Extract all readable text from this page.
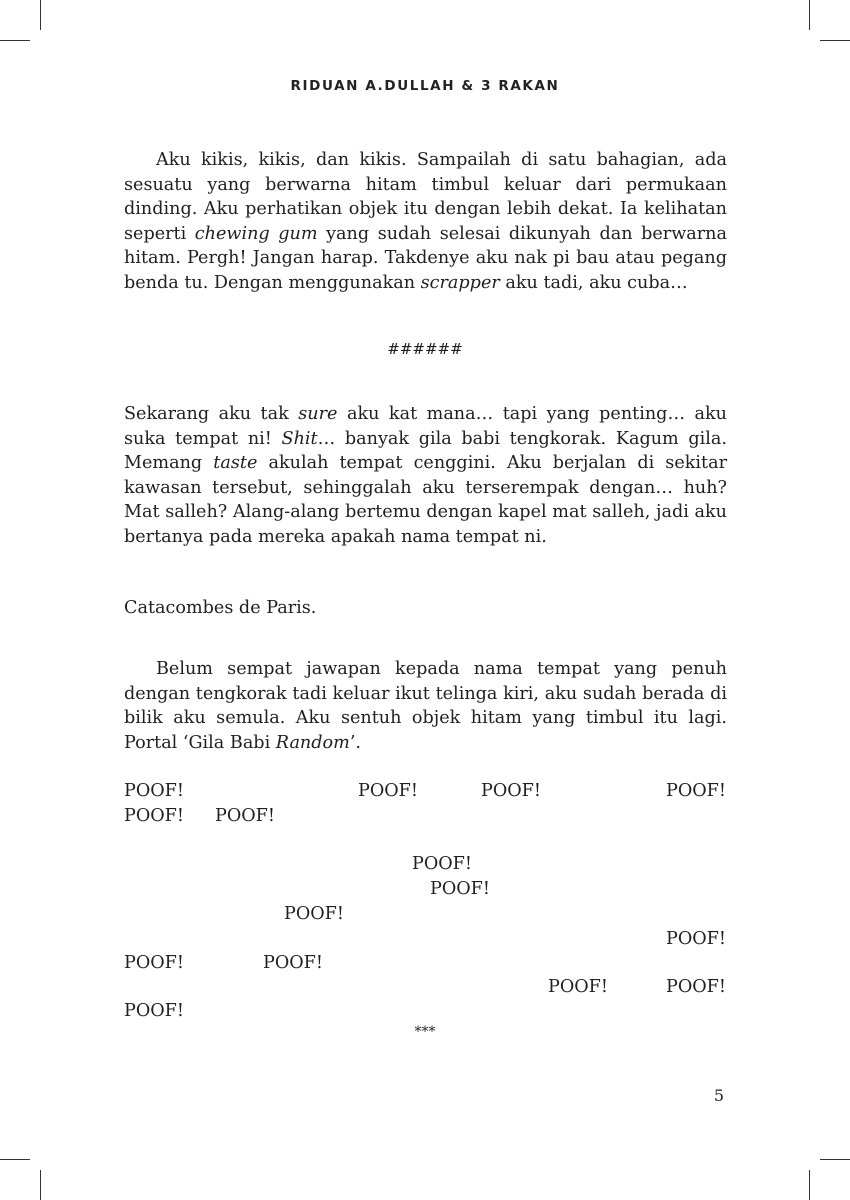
RIDUAN A.DULLAH & 3 RAKAN

Aku kikis, kikis, dan kikis. Sampailah di satu bahagian, ada sesuatu yang berwarna hitam timbul keluar dari permukaan dinding. Aku perhatikan objek itu dengan lebih dekat. Ia kelihatan seperti chewing gum yang sudah selesai dikunyah dan berwarna hitam. Pergh! Jangan harap. Takdenye aku nak pi bau atau pegang benda tu. Dengan menggunakan scrapper aku tadi, aku cuba…

######

Sekarang aku tak sure aku kat mana… tapi yang penting… aku suka tempat ni! Shit… banyak gila babi tengkorak. Kagum gila. Memang taste akulah tempat cenggini. Aku berjalan di sekitar kawasan tersebut, sehinggalah aku terserempak dengan… huh? Mat salleh? Alang-alang bertemu dengan kapel mat salleh, jadi aku bertanya pada mereka apakah nama tempat ni.

Catacombes de Paris.

Belum sempat jawapan kepada nama tempat yang penuh dengan tengkorak tadi keluar ikut telinga kiri, aku sudah berada di bilik aku semula. Aku sentuh objek hitam yang timbul itu lagi. Portal ‘Gila Babi Random’.

POOF!	POOF!	POOF!	POOF!
POOF! POOF!
POOF!
POOF!
POOF!
POOF!
POOF!	POOF!
POOF!	POOF!
POOF!
***
5
